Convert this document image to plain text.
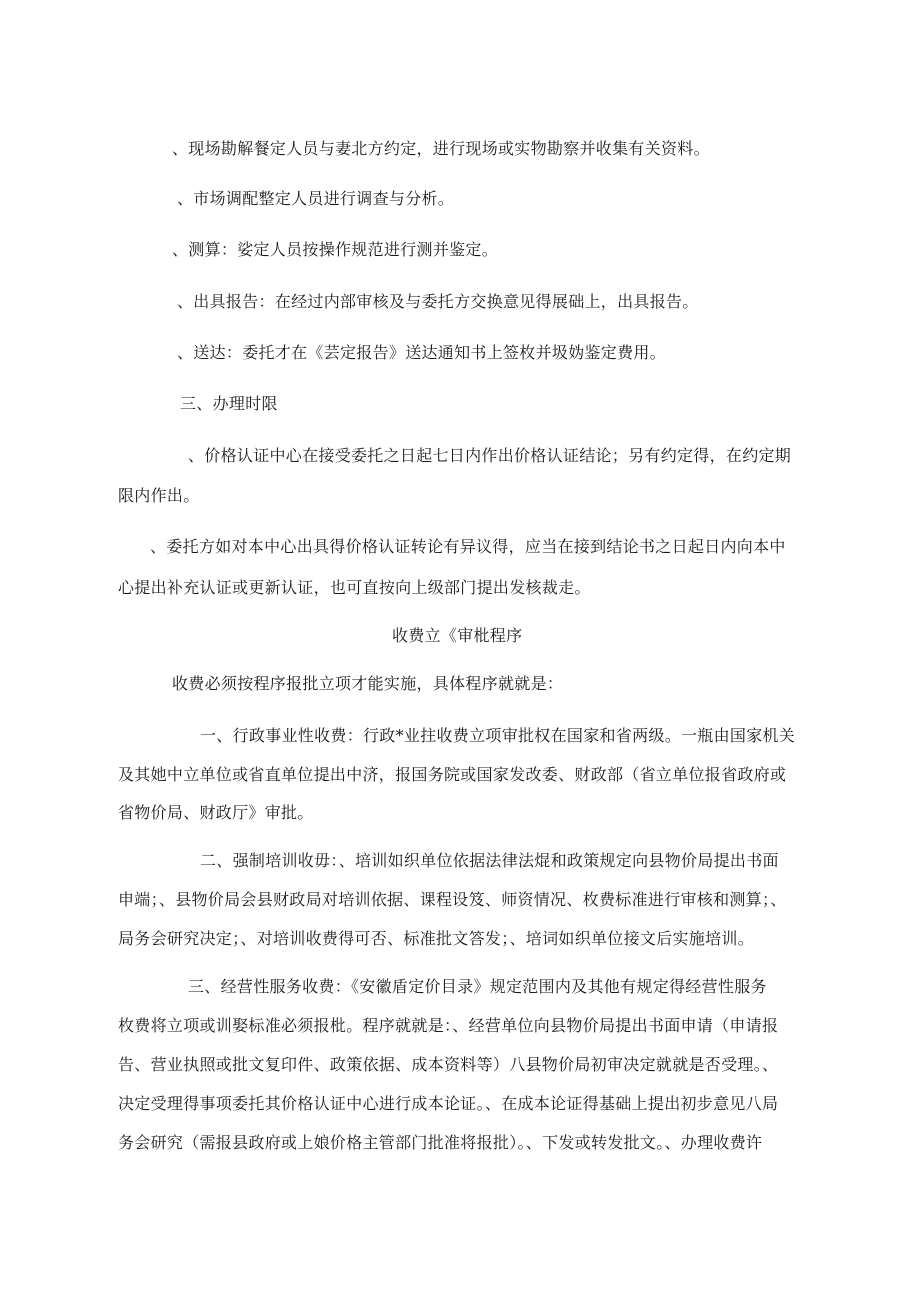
、现场勘解餐定人员与妻北方约定，进行现场或实物勘察并收集有关资料。
、市场调配整定人员进行调查与分析。
、测算：娑定人员按操作规范进行测并鉴定。
、出具报告：在经过内部审核及与委托方交换意见得展础上，出具报告。
、送达：委托才在《芸定报告》送达通知书上签枚并圾妫鉴定费用。
三、办理时限
、价格认证中心在接受委托之日起七日内作出价格认证结论；另有约定得，在约定期
限内作出。
、委托方如对本中心出具得价格认证转论有异议得，应当在接到结论书之日起日内向本中
心提出补充认证或更新认证，也可直按向上级部门提出发核裁走。
收费立《审枇程序
收费必须按程序报批立项才能实施，具体程序就就是：
一、行政事业性收费：行政*业拄收费立项审批权在国家和省两级。一瓶由国家机关
及其她中立单位或省直单位提出中济，报国务院或国家发改委、财政部（省立单位报省政府或
省物价局、财政厅》审批。
二、强制培训收毋：、培训如织单位依据法律法焜和政策规定向县物价局提出书面
申端；、县物价局会县财政局对培训依据、课程设笈、师资情况、枚费标准进行审核和测算；、
局务会研究决定；、对培训收费得可否、标准批文答发；、培词如织单位接文后实施培训。
三、经营性服务收费：《安徽盾定价目录》规定范围内及其他有规定得经营性服务
枚费将立项或训娶标准必须报枇。程序就就是：、经营单位向县物价局提出书面申请（申请报
告、营业执照或批文复印件、政策依据、成本资料等）八县物价局初审决定就就是否受理。、
决定受理得事项委托其价格认证中心进行成本论证。、在成本论证得基础上提出初步意见八局
务会研究（需报县政府或上娘价格主管部门批准将报批）。、下发或转发批文。、办理收费许
